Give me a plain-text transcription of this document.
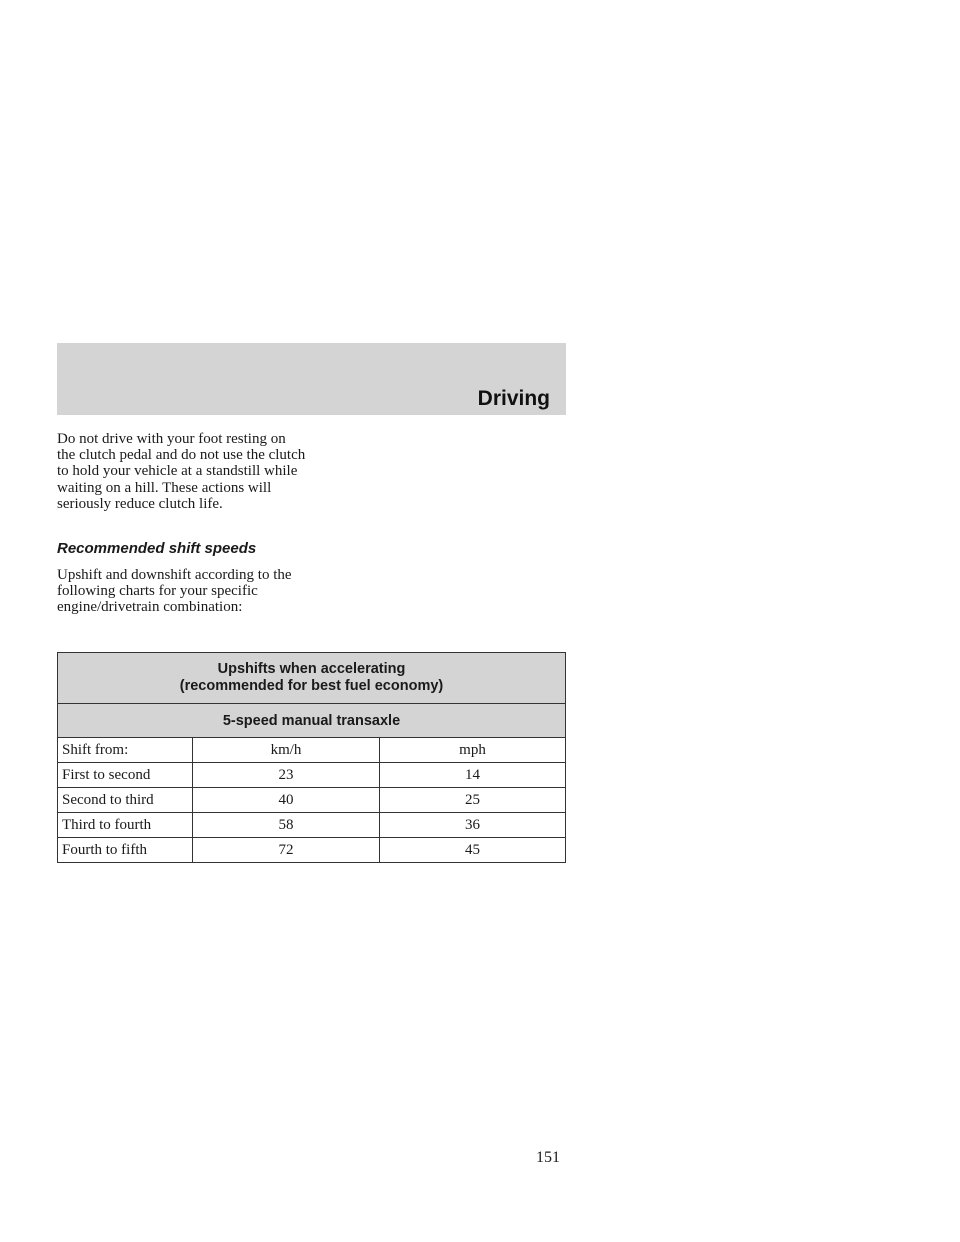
Driving

Do not drive with your foot resting on the clutch pedal and do not use the clutch to hold your vehicle at a standstill while waiting on a hill. These actions will seriously reduce clutch life.

Recommended shift speeds

Upshift and downshift according to the following charts for your specific engine/drivetrain combination:

Upshifts when accelerating
(recommended for best fuel economy)		

5-speed manual transaxle		
Shift from:	km/h	mph
First to second	23	14
Second to third	40	25
Third to fourth	58	36
Fourth to fifth	72	45
151
